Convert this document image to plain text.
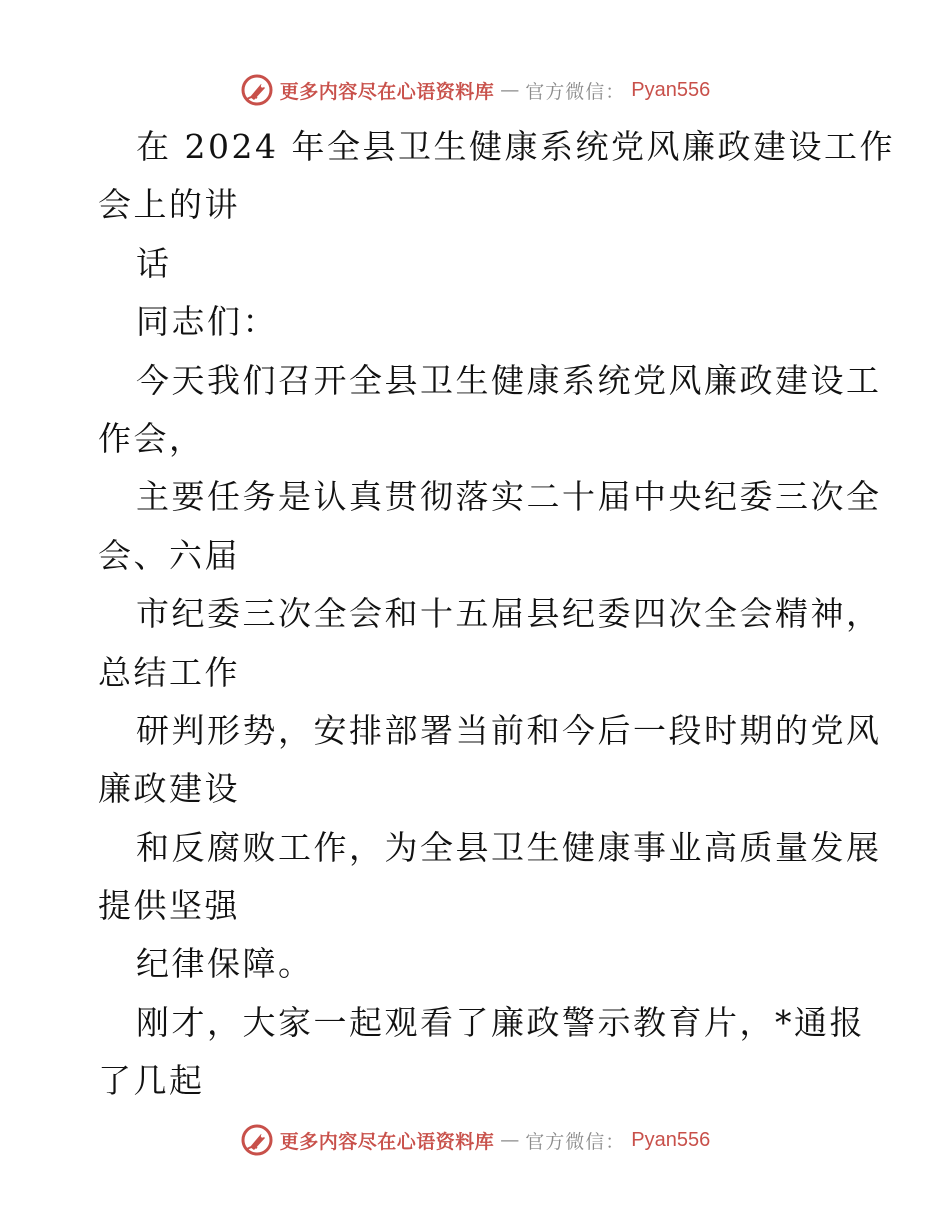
更多内容尽在心语资料库 — 官方微信： Pyan556
在 2024 年全县卫生健康系统党风廉政建设工作
会上的讲
话
同志们：
今天我们召开全县卫生健康系统党风廉政建设工
作会，
主要任务是认真贯彻落实二十届中央纪委三次全
会、六届
市纪委三次全会和十五届县纪委四次全会精神，
总结工作
研判形势，安排部署当前和今后一段时期的党风
廉政建设
和反腐败工作，为全县卫生健康事业高质量发展
提供坚强
纪律保障。
刚才，大家一起观看了廉政警示教育片，*通报
了几起
更多内容尽在心语资料库 — 官方微信： Pyan556
